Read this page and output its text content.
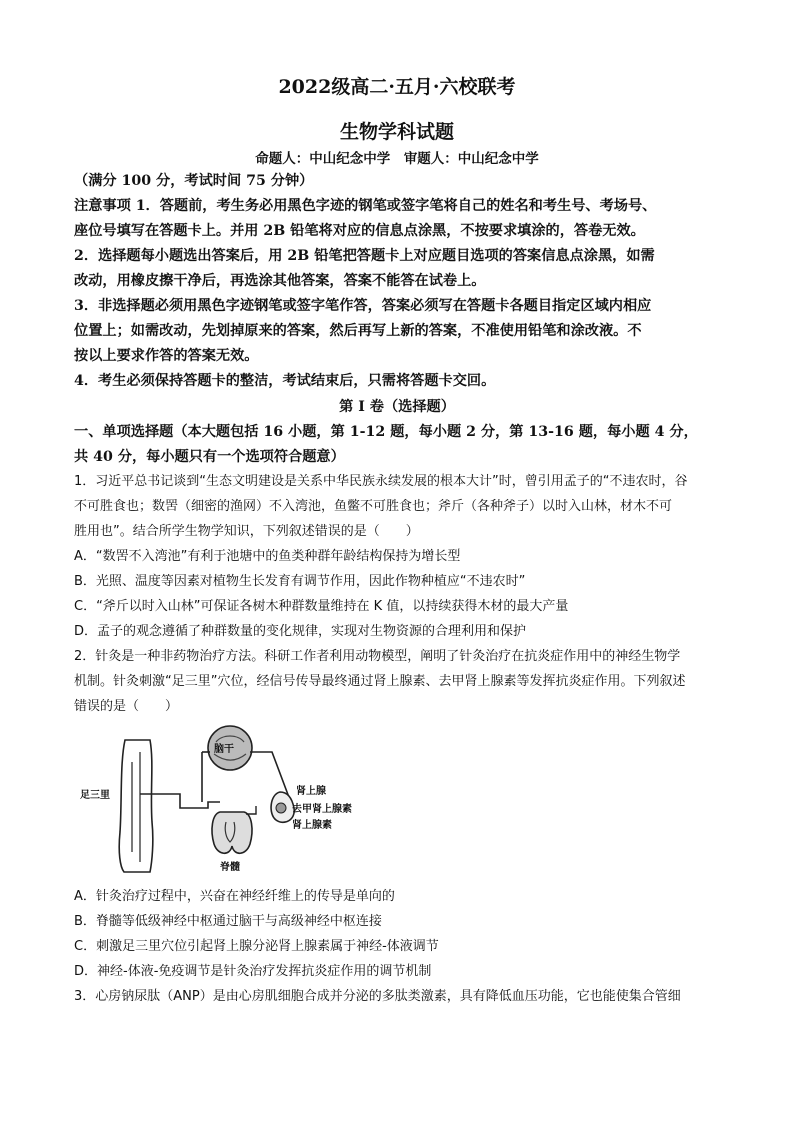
2022级高二·五月·六校联考
生物学科试题
命题人：中山纪念中学　审题人：中山纪念中学
（满分 100 分，考试时间 75 分钟）
注意事项 1．答题前，考生务必用黑色字迹的钢笔或签字笔将自己的姓名和考生号、考场号、
座位号填写在答题卡上。并用 2B 铅笔将对应的信息点涂黑，不按要求填涂的，答卷无效。
2．选择题每小题选出答案后，用 2B 铅笔把答题卡上对应题目选项的答案信息点涂黑，如需
改动，用橡皮擦干净后，再选涂其他答案，答案不能答在试卷上。
3．非选择题必须用黑色字迹钢笔或签字笔作答，答案必须写在答题卡各题目指定区域内相应
位置上；如需改动，先划掉原来的答案，然后再写上新的答案，不准使用铅笔和涂改液。不
按以上要求作答的答案无效。
4．考生必须保持答题卡的整洁，考试结束后，只需将答题卡交回。
第 I 卷（选择题）
一、单项选择题（本大题包括 16 小题，第 1-12 题，每小题 2 分，第 13-16 题，每小题 4 分，
共 40 分，每小题只有一个选项符合题意）
1．习近平总书记谈到“生态文明建设是关系中华民族永续发展的根本大计”时，曾引用孟子的“不违农时，谷
不可胜食也；数罟（细密的渔网）不入湾池，鱼鳖不可胜食也；斧斤（各种斧子）以时入山林，材木不可
胜用也”。结合所学生物学知识，下列叙述错误的是（　　）
A．“数罟不入湾池”有利于池塘中的鱼类种群年龄结构保持为增长型
B．光照、温度等因素对植物生长发育有调节作用，因此作物种植应“不违农时”
C．“斧斤以时入山林”可保证各树木种群数量维持在 K 值，以持续获得木材的最大产量
D．孟子的观念遵循了种群数量的变化规律，实现对生物资源的合理利用和保护
2．针灸是一种非药物治疗方法。科研工作者利用动物模型，阐明了针灸治疗在抗炎症作用中的神经生物学
机制。针灸刺激“足三里”穴位，经信号传导最终通过肾上腺素、去甲肾上腺素等发挥抗炎症作用。下列叙述
错误的是（　　）
脑干
足三里
脊髓
肾上腺
去甲肾上腺素
肾上腺素
A．针灸治疗过程中，兴奋在神经纤维上的传导是单向的
B．脊髓等低级神经中枢通过脑干与高级神经中枢连接
C．刺激足三里穴位引起肾上腺分泌肾上腺素属于神经-体液调节
D．神经-体液-免疫调节是针灸治疗发挥抗炎症作用的调节机制
3．心房钠尿肽（ANP）是由心房肌细胞合成并分泌的多肽类激素，具有降低血压功能，它也能使集合管细
